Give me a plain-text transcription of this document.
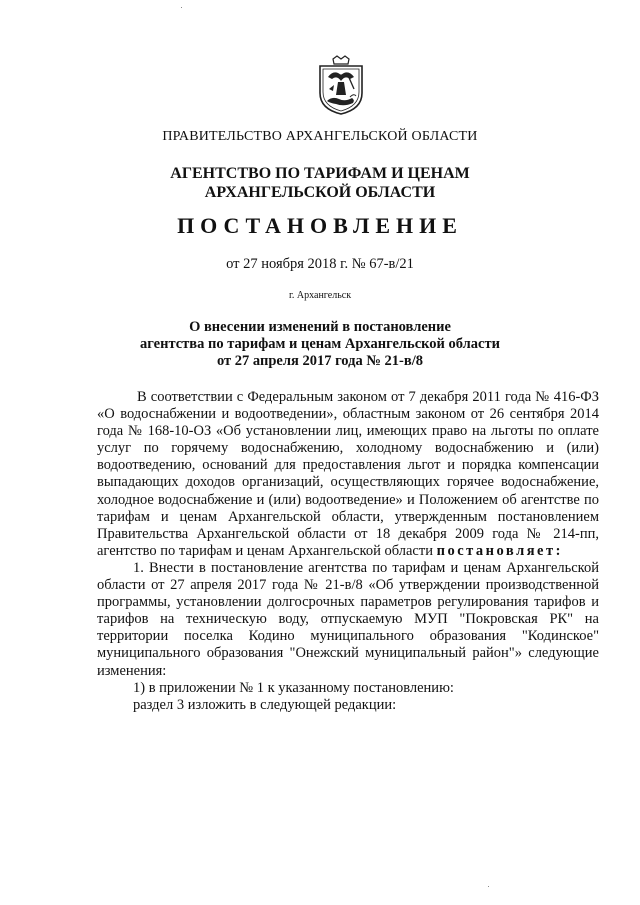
ПРАВИТЕЛЬСТВО АРХАНГЕЛЬСКОЙ ОБЛАСТИ
АГЕНТСТВО ПО ТАРИФАМ И ЦЕНАМ
АРХАНГЕЛЬСКОЙ ОБЛАСТИ
ПОСТАНОВЛЕНИЕ
от 27 ноября 2018 г. № 67-в/21
г. Архангельск
О внесении изменений в постановление
агентства по тарифам и ценам Архангельской области
от 27 апреля 2017 года № 21-в/8

В соответствии с Федеральным законом от 7 декабря 2011 года № 416-ФЗ «О водоснабжении и водоотведении», областным законом от 26 сентября 2014 года № 168-10-ОЗ «Об установлении лиц, имеющих право на льготы по оплате услуг по горячему водоснабжению, холодному водоснабжению и (или) водоотведению, оснований для предоставления льгот и порядка компенсации выпадающих доходов организаций, осуществляющих горячее водоснабжение, холодное водоснабжение и (или) водоотведение» и Положением об агентстве по тарифам и ценам Архангельской области, утвержденным постановлением Правительства Архангельской области от 18 декабря 2009 года № 214-пп, агентство по тарифам и ценам Архангельской области постановляет:

1. Внести в постановление агентства по тарифам и ценам Архангельской области от 27 апреля 2017 года № 21-в/8 «Об утверждении производственной программы, установлении долгосрочных параметров регулирования тарифов и тарифов на техническую воду, отпускаемую МУП "Покровская РК" на территории поселка Кодино муниципального образования "Кодинское" муниципального образования "Онежский муниципальный район"» следующие изменения:

1) в приложении № 1 к указанному постановлению:

раздел 3 изложить в следующей редакции:
